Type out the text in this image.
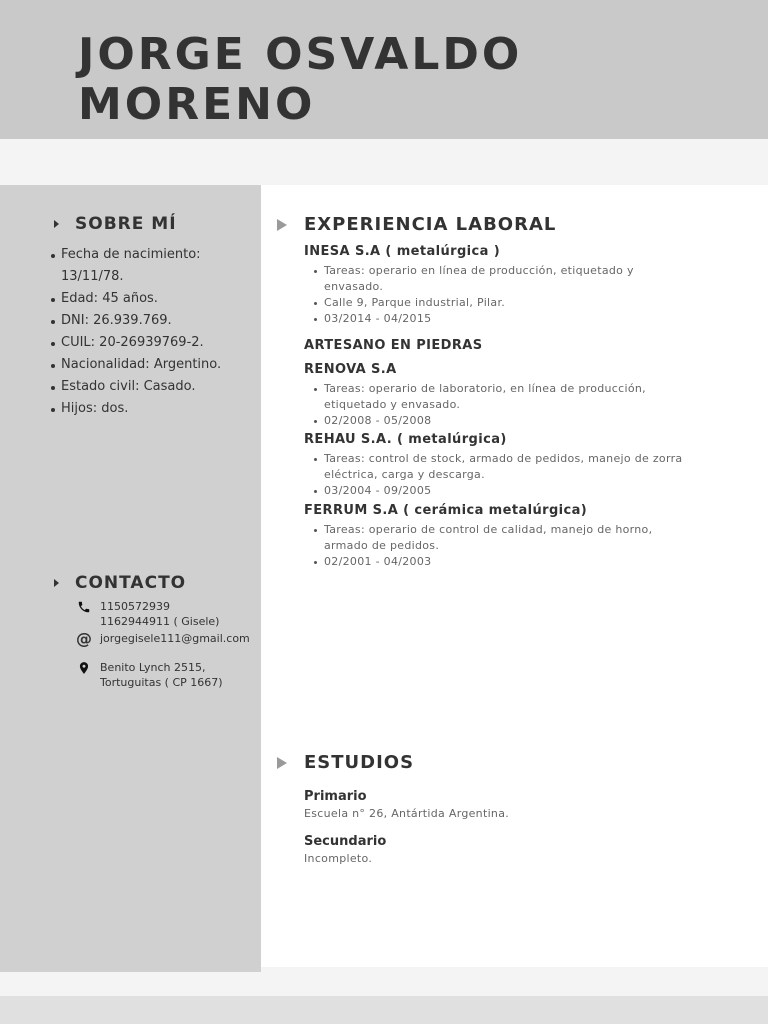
JORGE OSVALDO
MORENO
SOBRE MÍ
Fecha de nacimiento: 13/11/78.
Edad: 45 años.
DNI: 26.939.769.
CUIL: 20-26939769-2.
Nacionalidad: Argentino.
Estado civil: Casado.
Hijos: dos.
CONTACTO
1150572939
1162944911 ( Gisele)
@ jorgegisele111@gmail.com
Benito Lynch 2515,
Tortuguitas ( CP 1667)
EXPERIENCIA LABORAL

INESA S.A ( metalúrgica )

Tareas: operario en línea de producción, etiquetado y envasado.
Calle 9, Parque industrial, Pilar.
03/2014 - 04/2015

ARTESANO EN PIEDRAS

RENOVA S.A

Tareas: operario de laboratorio, en línea de producción, etiquetado y envasado.
02/2008 - 05/2008

REHAU S.A. ( metalúrgica)

Tareas: control de stock, armado de pedidos, manejo de zorra eléctrica, carga y descarga.
03/2004 - 09/2005

FERRUM S.A ( cerámica metalúrgica)

Tareas: operario de control de calidad, manejo de horno, armado de pedidos.
02/2001 - 04/2003
ESTUDIOS

Primario

Escuela n° 26, Antártida Argentina.

Secundario

Incompleto.
